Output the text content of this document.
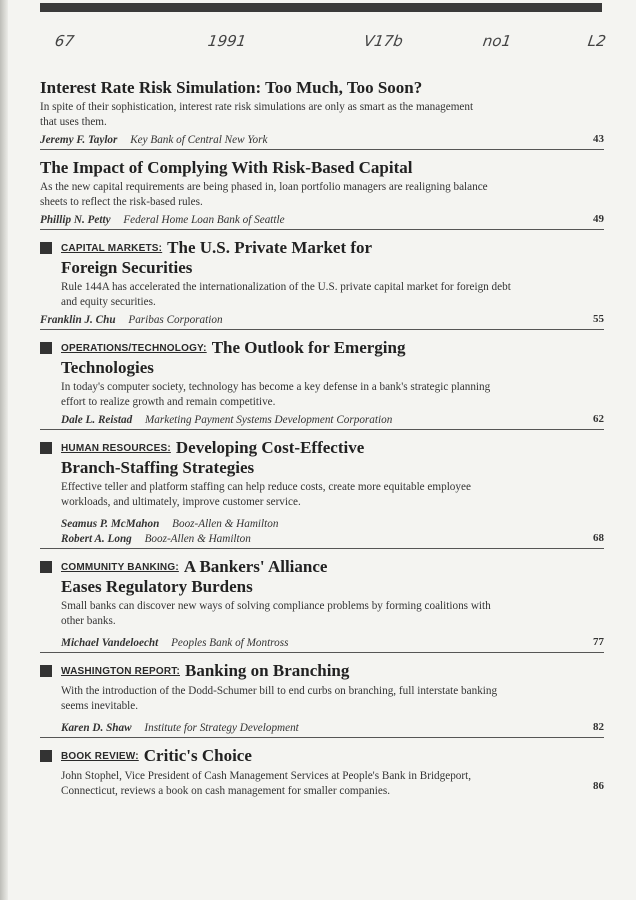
67	1991	V17b	no1	L2

Interest Rate Risk Simulation: Too Much, Too Soon?

In spite of their sophistication, interest rate risk simulations are only as smart as the management that uses them.

Jeremy F. Taylor Key Bank of Central New York	43

The Impact of Complying With Risk-Based Capital

As the new capital requirements are being phased in, loan portfolio managers are realigning balance sheets to reflect the risk-based rules.

Phillip N. Petty Federal Home Loan Bank of Seattle	49

CAPITAL MARKETS: The U.S. Private Market for

Foreign Securities

Rule 144A has accelerated the internationalization of the U.S. private capital market for foreign debt and equity securities.

Franklin J. Chu Paribas Corporation	55

OPERATIONS/TECHNOLOGY: The Outlook for Emerging

Technologies

In today's computer society, technology has become a key defense in a bank's strategic planning effort to realize growth and remain competitive.

Dale L. Reistad Marketing Payment Systems Development Corporation	62

HUMAN RESOURCES: Developing Cost-Effective

Branch-Staffing Strategies

Effective teller and platform staffing can help reduce costs, create more equitable employee workloads, and ultimately, improve customer service.

Seamus P. McMahon Booz-Allen & Hamilton
Robert A. Long Booz-Allen & Hamilton	68

COMMUNITY BANKING: A Bankers' Alliance

Eases Regulatory Burdens

Small banks can discover new ways of solving compliance problems by forming coalitions with other banks.

Michael Vandeloecht Peoples Bank of Montross	77

WASHINGTON REPORT: Banking on Branching

With the introduction of the Dodd-Schumer bill to end curbs on branching, full interstate banking seems inevitable.

Karen D. Shaw Institute for Strategy Development	82

BOOK REVIEW: Critic's Choice

John Stophel, Vice President of Cash Management Services at People's Bank in Bridgeport, Connecticut, reviews a book on cash management for smaller companies.	86
